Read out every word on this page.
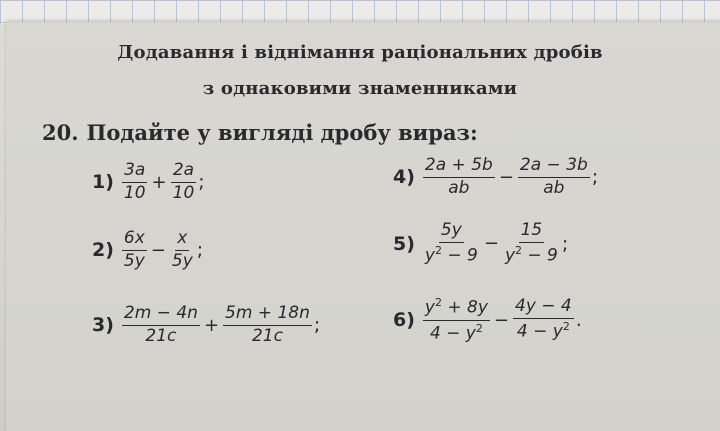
Додавання і віднімання раціональних дробів
з однаковими знаменниками
20. Подайте у вигляді дробу вираз:
$1) \frac{3a}{10} + \frac{2a}{10}$ ;
$2) \frac{6x}{5y} - \frac{x}{5y}$ ;
$3) \frac{2m - 4n}{21c} + \frac{5m + 18n}{21c}$ ;
$4) \frac{2a + 5b}{ab} - \frac{2a - 3b}{ab}$ ;
$5) \frac{5y}{y^2 - 9} - \frac{15}{y^2 - 9}$ ;
$6) \frac{y^2 + 8y}{4 - y^2} - \frac{4y - 4}{4 - y^2}$ .
